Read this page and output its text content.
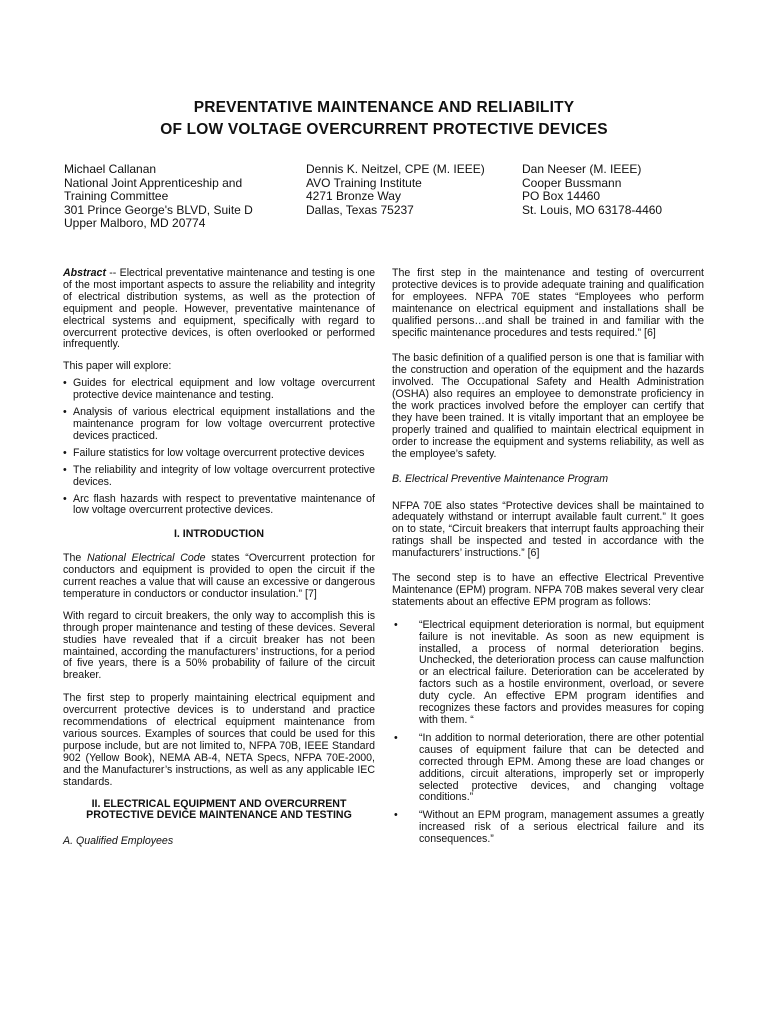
PREVENTATIVE MAINTENANCE AND RELIABILITY
OF LOW VOLTAGE OVERCURRENT PROTECTIVE DEVICES
Michael Callanan
National Joint Apprenticeship and
Training Committee
301 Prince George's BLVD, Suite D
Upper Malboro, MD 20774
Dennis K. Neitzel, CPE (M. IEEE)
AVO Training Institute
4271 Bronze Way
Dallas, Texas 75237
Dan Neeser (M. IEEE)
Cooper Bussmann
PO Box 14460
St. Louis, MO 63178-4460

Abstract -- Electrical preventative maintenance and testing is one of the most important aspects to assure the reliability and integrity of electrical distribution systems, as well as the protection of equipment and people. However, preventative maintenance of electrical systems and equipment, specifically with regard to overcurrent protective devices, is often overlooked or performed infrequently.

This paper will explore:

• Guides for electrical equipment and low voltage overcurrent protective device maintenance and testing.
• Analysis of various electrical equipment installations and the maintenance program for low voltage overcurrent protective devices practiced.
• Failure statistics for low voltage overcurrent protective devices
• The reliability and integrity of low voltage overcurrent protective devices.
• Arc flash hazards with respect to preventative maintenance of low voltage overcurrent protective devices.
I. INTRODUCTION

The National Electrical Code states “Overcurrent protection for conductors and equipment is provided to open the circuit if the current reaches a value that will cause an excessive or dangerous temperature in conductors or conductor insulation.” [7]

With regard to circuit breakers, the only way to accomplish this is through proper maintenance and testing of these devices. Several studies have revealed that if a circuit breaker has not been maintained, according the manufacturers’ instructions, for a period of five years, there is a 50% probability of failure of the circuit breaker.

The first step to properly maintaining electrical equipment and overcurrent protective devices is to understand and practice recommendations of electrical equipment maintenance from various sources. Examples of sources that could be used for this purpose include, but are not limited to, NFPA 70B, IEEE Standard 902 (Yellow Book), NEMA AB-4, NETA Specs, NFPA 70E-2000, and the Manufacturer’s instructions, as well as any applicable IEC standards.

II. ELECTRICAL EQUIPMENT AND OVERCURRENT
PROTECTIVE DEVICE MAINTENANCE AND TESTING
A. Qualified Employees

The first step in the maintenance and testing of overcurrent protective devices is to provide adequate training and qualification for employees. NFPA 70E states “Employees who perform maintenance on electrical equipment and installations shall be qualified persons…and shall be trained in and familiar with the specific maintenance procedures and tests required.” [6]

The basic definition of a qualified person is one that is familiar with the construction and operation of the equipment and the hazards involved. The Occupational Safety and Health Administration (OSHA) also requires an employee to demonstrate proficiency in the work practices involved before the employer can certify that they have been trained. It is vitally important that an employee be properly trained and qualified to maintain electrical equipment in order to increase the equipment and systems reliability, as well as the employee’s safety.

B. Electrical Preventive Maintenance Program

NFPA 70E also states “Protective devices shall be maintained to adequately withstand or interrupt available fault current.” It goes on to state, “Circuit breakers that interrupt faults approaching their ratings shall be inspected and tested in accordance with the manufacturers’ instructions.” [6]

The second step is to have an effective Electrical Preventive Maintenance (EPM) program. NFPA 70B makes several very clear statements about an effective EPM program as follows:

•	“Electrical equipment deterioration is normal, but equipment failure is not inevitable. As soon as new equipment is installed, a process of normal deterioration begins. Unchecked, the deterioration process can cause malfunction or an electrical failure. Deterioration can be accelerated by factors such as a hostile environment, overload, or severe duty cycle. An effective EPM program identifies and recognizes these factors and provides measures for coping with them. “
•	“In addition to normal deterioration, there are other potential causes of equipment failure that can be detected and corrected through EPM. Among these are load changes or additions, circuit alterations, improperly set or improperly selected protective devices, and changing voltage conditions.”
•	“Without an EPM program, management assumes a greatly increased risk of a serious electrical failure and its consequences.”
